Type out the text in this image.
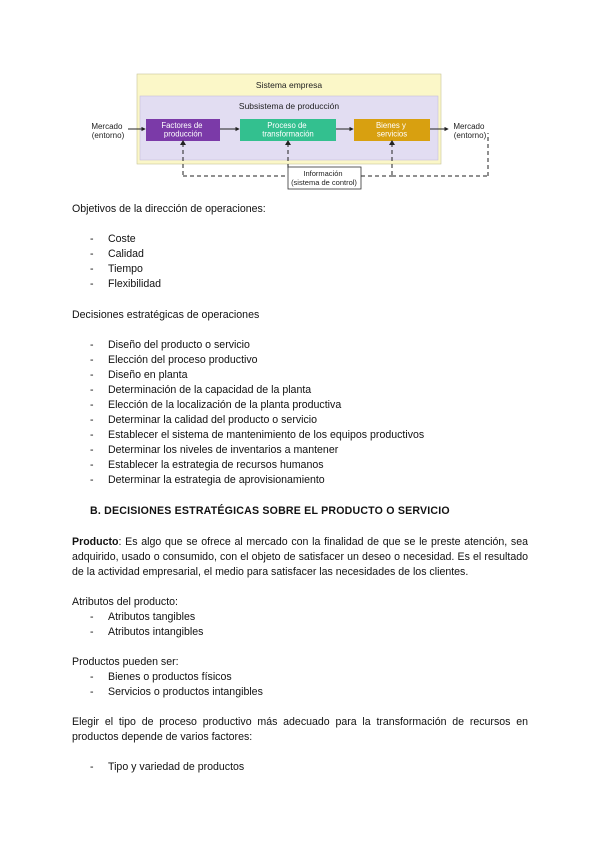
Sistema empresa
Subsistema de producción
Mercado (entorno)
Mercado (entorno)
Factores de producción
Proceso de transformación
Bienes y servicios
Información (sistema de control)

Objetivos de la dirección de operaciones:

- Coste
- Calidad
- Tiempo
- Flexibilidad

Decisiones estratégicas de operaciones

- Diseño del producto o servicio
- Elección del proceso productivo
- Diseño en planta
- Determinación de la capacidad de la planta
- Elección de la localización de la planta productiva
- Determinar la calidad del producto o servicio
- Establecer el sistema de mantenimiento de los equipos productivos
- Determinar los niveles de inventarios a mantener
- Establecer la estrategia de recursos humanos
- Determinar la estrategia de aprovisionamiento

B. DECISIONES ESTRATÉGICAS SOBRE EL PRODUCTO O SERVICIO

Producto: Es algo que se ofrece al mercado con la finalidad de que se le preste atención, sea adquirido, usado o consumido, con el objeto de satisfacer un deseo o necesidad. Es el resultado de la actividad empresarial, el medio para satisfacer las necesidades de los clientes.

Atributos del producto:

- Atributos tangibles
- Atributos intangibles

Productos pueden ser:

- Bienes o productos físicos
- Servicios o productos intangibles

Elegir el tipo de proceso productivo más adecuado para la transformación de recursos en productos depende de varios factores:

- Tipo y variedad de productos
